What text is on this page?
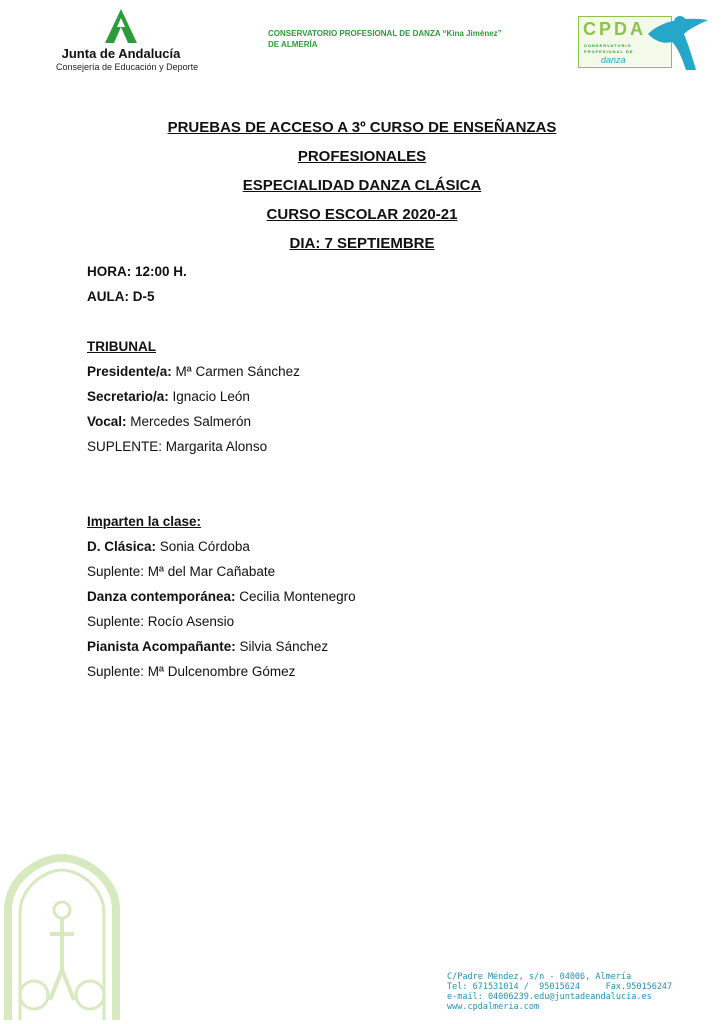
Junta de Andalucía
Consejería de Educación y Deporte
CONSERVATORIO PROFESIONAL DE DANZA “Kina Jiménez”
DE ALMERÍA
CPDA
CONSERVATORIO
PROFESIONAL DE
danza
PRUEBAS DE ACCESO A 3º CURSO DE ENSEÑANZAS
PROFESIONALES
ESPECIALIDAD DANZA CLÁSICA
CURSO ESCOLAR 2020-21
DIA: 7 SEPTIEMBRE
HORA: 12:00 H.
AULA: D-5
TRIBUNAL
Presidente/a: Mª Carmen Sánchez
Secretario/a: Ignacio León
Vocal: Mercedes Salmerón
SUPLENTE: Margarita Alonso
Imparten la clase:
D. Clásica: Sonia Córdoba
Suplente: Mª del Mar Cañabate
Danza contemporánea: Cecilia Montenegro
Suplente: Rocío Asensio
Pianista Acompañante: Silvia Sánchez
Suplente: Mª Dulcenombre Gómez
C/Padre Méndez, s/n - 04006, Almería
Tel: 671531014 /  95015624     Fax.950156247
e-mail: 04006239.edu@juntadeandalucia.es
www.cpdalmeria.com
